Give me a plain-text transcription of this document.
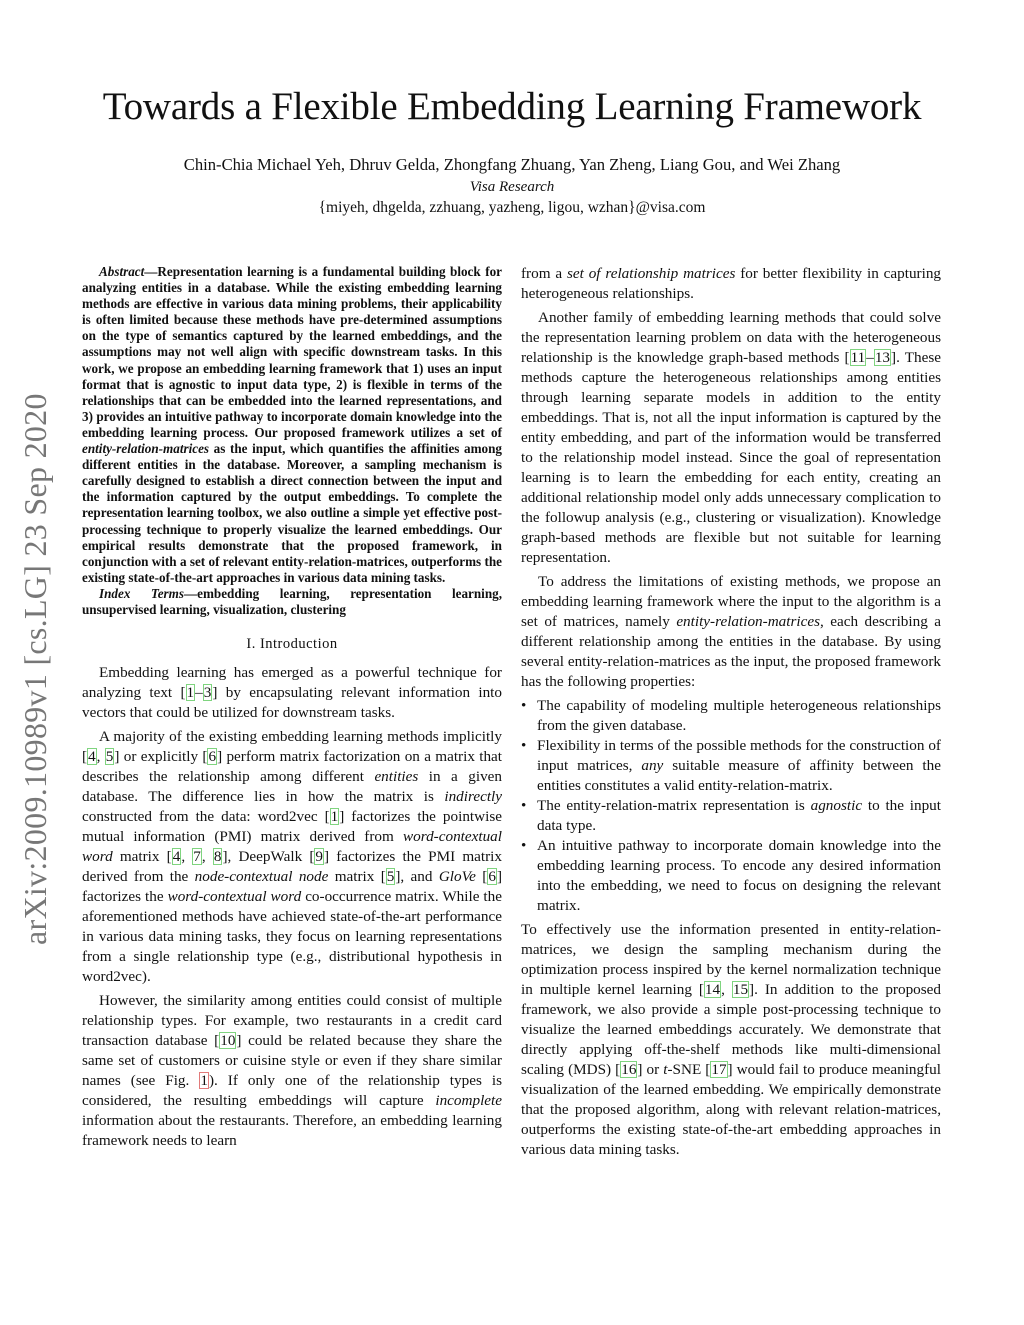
Towards a Flexible Embedding Learning Framework
Chin-Chia Michael Yeh, Dhruv Gelda, Zhongfang Zhuang, Yan Zheng, Liang Gou, and Wei Zhang
Visa Research
{miyeh, dhgelda, zzhuang, yazheng, ligou, wzhan}@visa.com
arXiv:2009.10989v1 [cs.LG] 23 Sep 2020

Abstract—Representation learning is a fundamental building block for analyzing entities in a database. While the existing embedding learning methods are effective in various data mining problems, their applicability is often limited because these methods have pre-determined assumptions on the type of semantics captured by the learned embeddings, and the assumptions may not well align with specific downstream tasks. In this work, we propose an embedding learning framework that 1) uses an input format that is agnostic to input data type, 2) is flexible in terms of the relationships that can be embedded into the learned representations, and 3) provides an intuitive pathway to incorporate domain knowledge into the embedding learning process. Our proposed framework utilizes a set of entity-relation-matrices as the input, which quantifies the affinities among different entities in the database. Moreover, a sampling mechanism is carefully designed to establish a direct connection between the input and the information captured by the output embeddings. To complete the representation learning toolbox, we also outline a simple yet effective post-processing technique to properly visualize the learned embeddings. Our empirical results demonstrate that the proposed framework, in conjunction with a set of relevant entity-relation-matrices, outperforms the existing state-of-the-art approaches in various data mining tasks.

Index Terms—embedding learning, representation learning, unsupervised learning, visualization, clustering

I. Introduction

Embedding learning has emerged as a powerful technique for analyzing text [1–3] by encapsulating relevant information into vectors that could be utilized for downstream tasks.

A majority of the existing embedding learning methods implicitly [4, 5] or explicitly [6] perform matrix factorization on a matrix that describes the relationship among different entities in a given database. The difference lies in how the matrix is indirectly constructed from the data: word2vec [1] factorizes the pointwise mutual information (PMI) matrix derived from word-contextual word matrix [4, 7, 8], DeepWalk [9] factorizes the PMI matrix derived from the node-contextual node matrix [5], and GloVe [6] factorizes the word-contextual word co-occurrence matrix. While the aforementioned methods have achieved state-of-the-art performance in various data mining tasks, they focus on learning representations from a single relationship type (e.g., distributional hypothesis in word2vec).

However, the similarity among entities could consist of multiple relationship types. For example, two restaurants in a credit card transaction database [10] could be related because they share the same set of customers or cuisine style or even if they share similar names (see Fig. 1). If only one of the relationship types is considered, the resulting embeddings will capture incomplete information about the restaurants. Therefore, an embedding learning framework needs to learn

from a set of relationship matrices for better flexibility in capturing heterogeneous relationships.

Another family of embedding learning methods that could solve the representation learning problem on data with the heterogeneous relationship is the knowledge graph-based methods [11–13]. These methods capture the heterogeneous relationships among entities through learning separate models in addition to the entity embeddings. That is, not all the input information is captured by the entity embedding, and part of the information would be transferred to the relationship model instead. Since the goal of representation learning is to learn the embedding for each entity, creating an additional relationship model only adds unnecessary complication to the followup analysis (e.g., clustering or visualization). Knowledge graph-based methods are flexible but not suitable for learning representation.

To address the limitations of existing methods, we propose an embedding learning framework where the input to the algorithm is a set of matrices, namely entity-relation-matrices, each describing a different relationship among the entities in the database. By using several entity-relation-matrices as the input, the proposed framework has the following properties:

• The capability of modeling multiple heterogeneous relationships from the given database.
• Flexibility in terms of the possible methods for the construction of input matrices, any suitable measure of affinity between the entities constitutes a valid entity-relation-matrix.
• The entity-relation-matrix representation is agnostic to the input data type.
• An intuitive pathway to incorporate domain knowledge into the embedding learning process. To encode any desired information into the embedding, we need to focus on designing the relevant matrix.

To effectively use the information presented in entity-relation-matrices, we design the sampling mechanism during the optimization process inspired by the kernel normalization technique in multiple kernel learning [14, 15]. In addition to the proposed framework, we also provide a simple post-processing technique to visualize the learned embeddings accurately. We demonstrate that directly applying off-the-shelf methods like multi-dimensional scaling (MDS) [16] or t-SNE [17] would fail to produce meaningful visualization of the learned embedding. We empirically demonstrate that the proposed algorithm, along with relevant relation-matrices, outperforms the existing state-of-the-art embedding approaches in various data mining tasks.
